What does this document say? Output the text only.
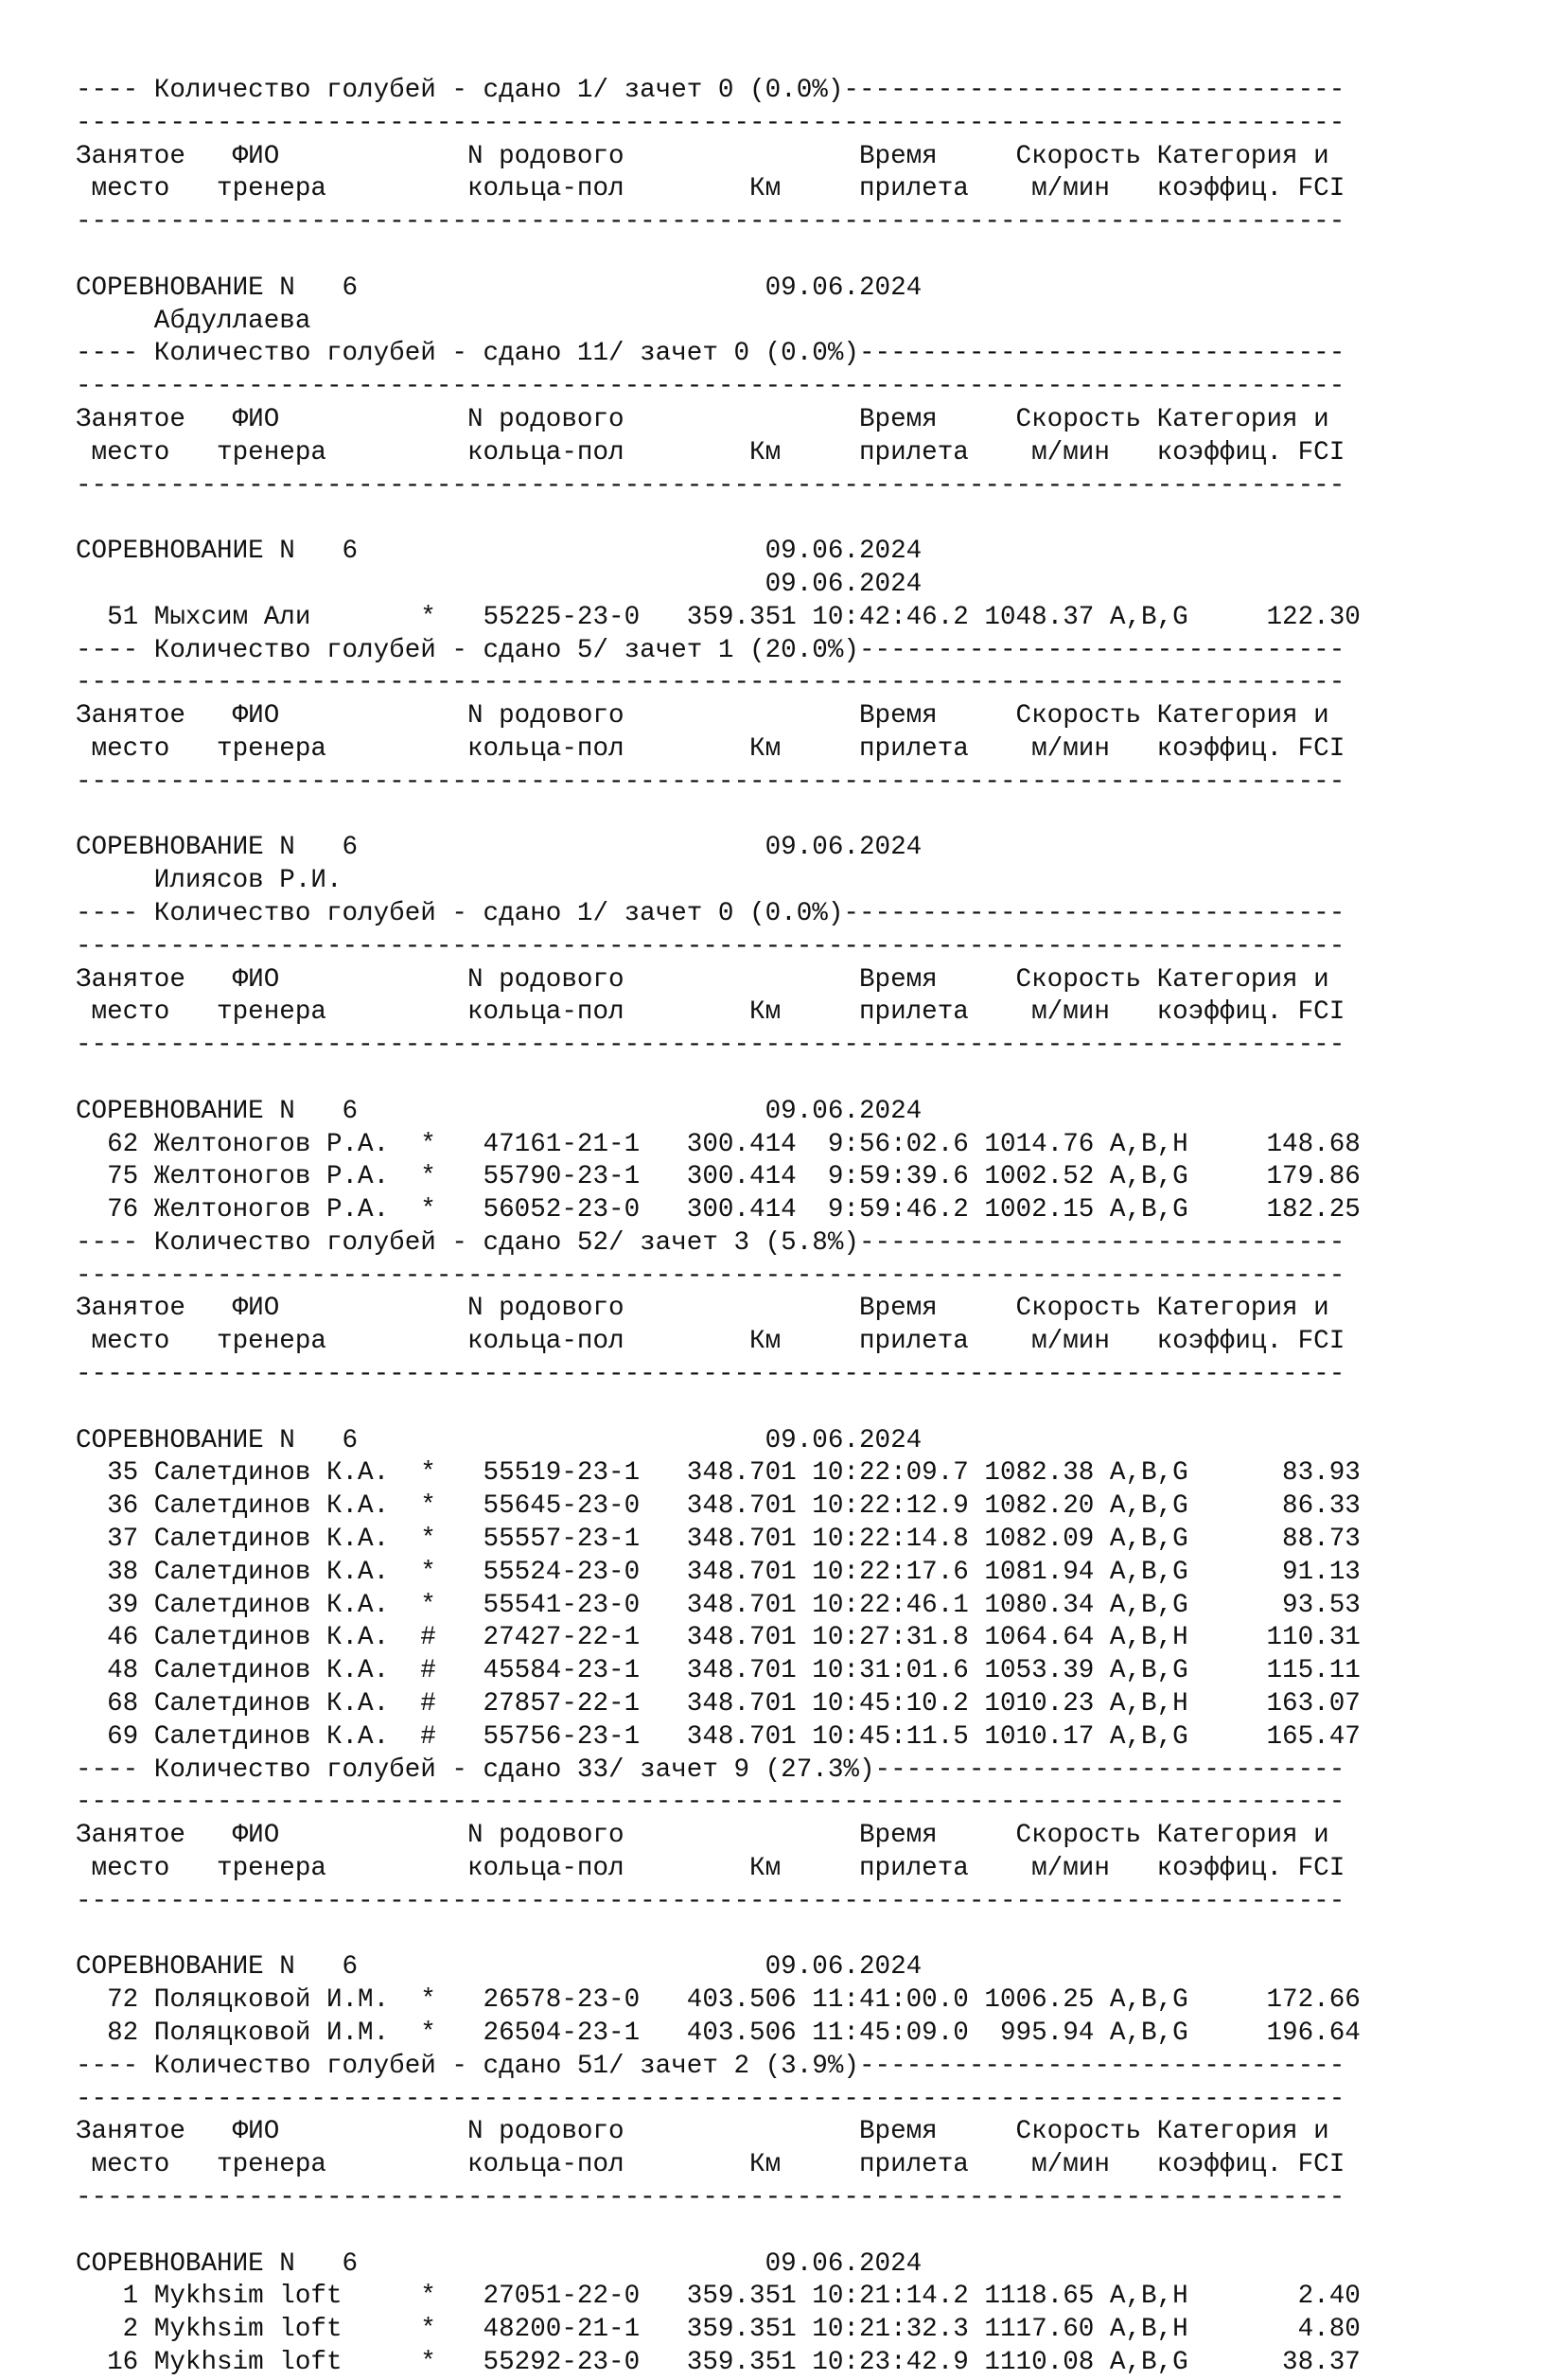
---- Количество голубей - сдано 1/ зачет 0 (0.0%)--------------------------------
---------------------------------------------------------------------------------
Занятое   ФИО            N родового               Время     Скорость Категория и
место   тренера         кольца-пол        Км     прилета    м/мин   коэффиц. FCI
---------------------------------------------------------------------------------
СОРЕВНОВАНИЕ N   6                          09.06.2024
Абдуллаева
---- Количество голубей - сдано 11/ зачет 0 (0.0%)-------------------------------
---------------------------------------------------------------------------------
Занятое   ФИО            N родового               Время     Скорость Категория и
место   тренера         кольца-пол        Км     прилета    м/мин   коэффиц. FCI
---------------------------------------------------------------------------------
СОРЕВНОВАНИЕ N   6                          09.06.2024
09.06.2024
51 Мыхсим Али       *   55225-23-0   359.351 10:42:46.2 1048.37 A,B,G     122.30
---- Количество голубей - сдано 5/ зачет 1 (20.0%)-------------------------------
---------------------------------------------------------------------------------
Занятое   ФИО            N родового               Время     Скорость Категория и
место   тренера         кольца-пол        Км     прилета    м/мин   коэффиц. FCI
---------------------------------------------------------------------------------
СОРЕВНОВАНИЕ N   6                          09.06.2024
Илиясов Р.И.
---- Количество голубей - сдано 1/ зачет 0 (0.0%)--------------------------------
---------------------------------------------------------------------------------
Занятое   ФИО            N родового               Время     Скорость Категория и
место   тренера         кольца-пол        Км     прилета    м/мин   коэффиц. FCI
---------------------------------------------------------------------------------
СОРЕВНОВАНИЕ N   6                          09.06.2024
62 Желтоногов Р.А.  *   47161-21-1   300.414  9:56:02.6 1014.76 A,B,H     148.68
75 Желтоногов Р.А.  *   55790-23-1   300.414  9:59:39.6 1002.52 A,B,G     179.86
76 Желтоногов Р.А.  *   56052-23-0   300.414  9:59:46.2 1002.15 A,B,G     182.25
---- Количество голубей - сдано 52/ зачет 3 (5.8%)-------------------------------
---------------------------------------------------------------------------------
Занятое   ФИО            N родового               Время     Скорость Категория и
место   тренера         кольца-пол        Км     прилета    м/мин   коэффиц. FCI
---------------------------------------------------------------------------------
СОРЕВНОВАНИЕ N   6                          09.06.2024
35 Салетдинов К.А.  *   55519-23-1   348.701 10:22:09.7 1082.38 A,B,G      83.93
36 Салетдинов К.А.  *   55645-23-0   348.701 10:22:12.9 1082.20 A,B,G      86.33
37 Салетдинов К.А.  *   55557-23-1   348.701 10:22:14.8 1082.09 A,B,G      88.73
38 Салетдинов К.А.  *   55524-23-0   348.701 10:22:17.6 1081.94 A,B,G      91.13
39 Салетдинов К.А.  *   55541-23-0   348.701 10:22:46.1 1080.34 A,B,G      93.53
46 Салетдинов К.А.  #   27427-22-1   348.701 10:27:31.8 1064.64 A,B,H     110.31
48 Салетдинов К.А.  #   45584-23-1   348.701 10:31:01.6 1053.39 A,B,G     115.11
68 Салетдинов К.А.  #   27857-22-1   348.701 10:45:10.2 1010.23 A,B,H     163.07
69 Салетдинов К.А.  #   55756-23-1   348.701 10:45:11.5 1010.17 A,B,G     165.47
---- Количество голубей - сдано 33/ зачет 9 (27.3%)------------------------------
---------------------------------------------------------------------------------
Занятое   ФИО            N родового               Время     Скорость Категория и
место   тренера         кольца-пол        Км     прилета    м/мин   коэффиц. FCI
---------------------------------------------------------------------------------
СОРЕВНОВАНИЕ N   6                          09.06.2024
72 Поляцковой И.М.  *   26578-23-0   403.506 11:41:00.0 1006.25 A,B,G     172.66
82 Поляцковой И.М.  *   26504-23-1   403.506 11:45:09.0  995.94 A,B,G     196.64
---- Количество голубей - сдано 51/ зачет 2 (3.9%)-------------------------------
---------------------------------------------------------------------------------
Занятое   ФИО            N родового               Время     Скорость Категория и
место   тренера         кольца-пол        Км     прилета    м/мин   коэффиц. FCI
---------------------------------------------------------------------------------
СОРЕВНОВАНИЕ N   6                          09.06.2024
1 Mykhsim loft     *   27051-22-0   359.351 10:21:14.2 1118.65 A,B,H       2.40
2 Mykhsim loft     *   48200-21-1   359.351 10:21:32.3 1117.60 A,B,H       4.80
16 Mykhsim loft     *   55292-23-0   359.351 10:23:42.9 1110.08 A,B,G      38.37
